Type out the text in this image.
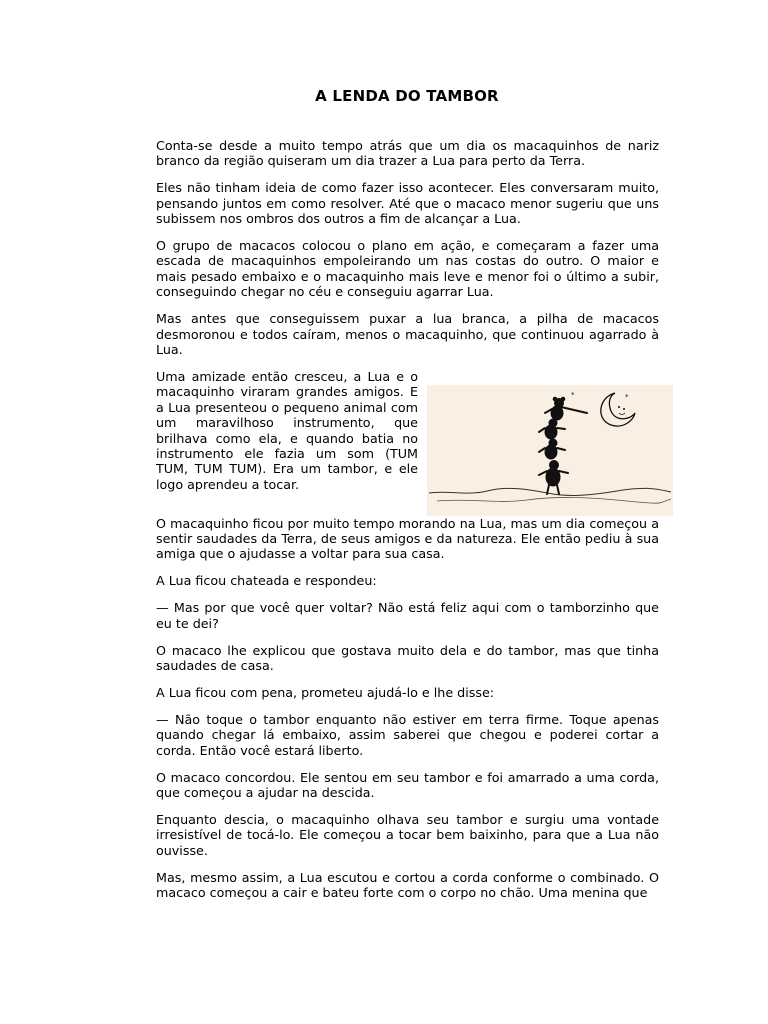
A LENDA DO TAMBOR

Conta-se desde a muito tempo atrás que um dia os macaquinhos de nariz branco da região quiseram um dia trazer a Lua para perto da Terra.

Eles não tinham ideia de como fazer isso acontecer. Eles conversaram muito, pensando juntos em como resolver. Até que o macaco menor sugeriu que uns subissem nos ombros dos outros a fim de alcançar a Lua.

O grupo de macacos colocou o plano em ação, e começaram a fazer uma escada de macaquinhos empoleirando um nas costas do outro. O maior e mais pesado embaixo e o macaquinho mais leve e menor foi o último a subir, conseguindo chegar no céu e conseguiu agarrar Lua.

Mas antes que conseguissem puxar a lua branca, a pilha de macacos desmoronou e todos caíram, menos o macaquinho, que continuou agarrado à Lua.

Uma amizade então cresceu, a Lua e o macaquinho viraram grandes amigos. E a Lua presenteou o pequeno animal com um maravilhoso instrumento, que brilhava como ela, e quando batia no instrumento ele fazia um som (TUM TUM, TUM TUM). Era um tambor, e ele logo aprendeu a tocar.

O macaquinho ficou por muito tempo morando na Lua, mas um dia começou a sentir saudades da Terra, de seus amigos e da natureza. Ele então pediu à sua amiga que o ajudasse a voltar para sua casa.

A Lua ficou chateada e respondeu:

— Mas por que você quer voltar? Não está feliz aqui com o tamborzinho que eu te dei?

O macaco lhe explicou que gostava muito dela e do tambor, mas que tinha saudades de casa.

A Lua ficou com pena, prometeu ajudá-lo e lhe disse:

— Não toque o tambor enquanto não estiver em terra firme. Toque apenas quando chegar lá embaixo, assim saberei que chegou e poderei cortar a corda. Então você estará liberto.

O macaco concordou. Ele sentou em seu tambor e foi amarrado a uma corda, que começou a ajudar na descida.

Enquanto descia, o macaquinho olhava seu tambor e surgiu uma vontade irresistível de tocá-lo. Ele começou a tocar bem baixinho, para que a Lua não ouvisse.

Mas, mesmo assim, a Lua escutou e cortou a corda conforme o combinado. O macaco começou a cair e bateu forte com o corpo no chão. Uma menina que

*
*
